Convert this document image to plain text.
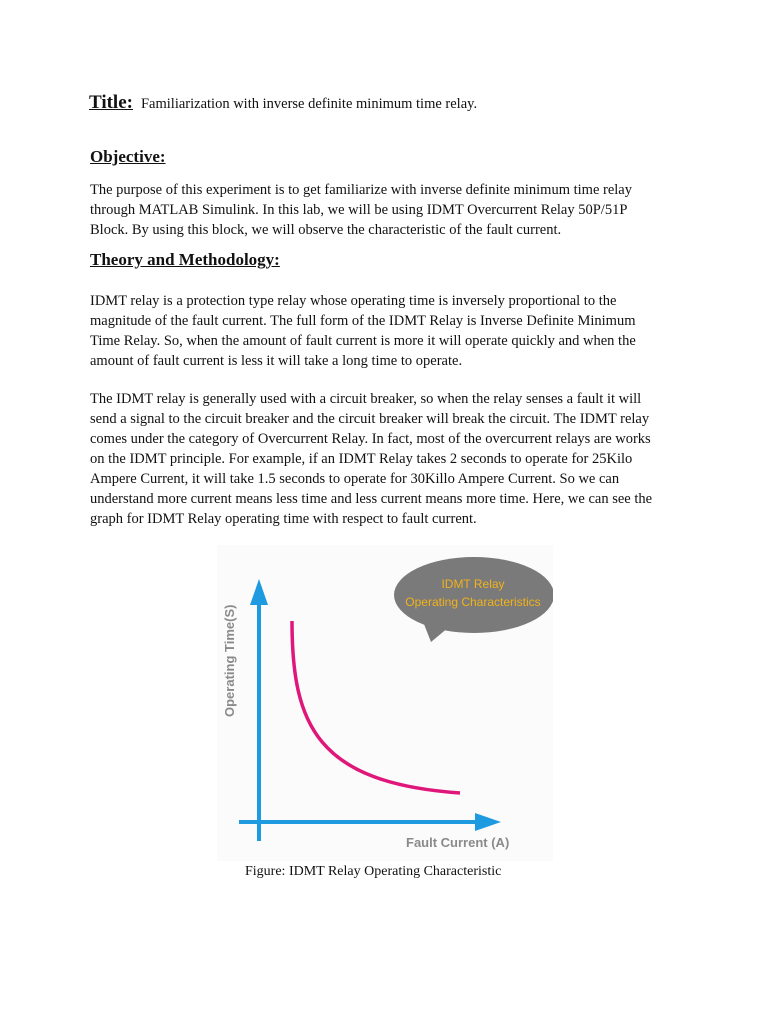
Title: Familiarization with inverse definite minimum time relay.
Objective:

The purpose of this experiment is to get familiarize with inverse definite minimum time relay
through MATLAB Simulink. In this lab, we will be using IDMT Overcurrent Relay 50P/51P
Block. By using this block, we will observe the characteristic of the fault current.

Theory and Methodology:

IDMT relay is a protection type relay whose operating time is inversely proportional to the
magnitude of the fault current. The full form of the IDMT Relay is Inverse Definite Minimum
Time Relay. So, when the amount of fault current is more it will operate quickly and when the
amount of fault current is less it will take a long time to operate.

The IDMT relay is generally used with a circuit breaker, so when the relay senses a fault it will
send a signal to the circuit breaker and the circuit breaker will break the circuit. The IDMT relay
comes under the category of Overcurrent Relay. In fact, most of the overcurrent relays are works
on the IDMT principle. For example, if an IDMT Relay takes 2 seconds to operate for 25Kilo
Ampere Current, it will take 1.5 seconds to operate for 30Killo Ampere Current. So we can
understand more current means less time and less current means more time. Here, we can see the
graph for IDMT Relay operating time with respect to fault current.

IDMT Relay
Operating Characteristics
Operating Time(S)
Fault Current (A)
Figure: IDMT Relay Operating Characteristic
